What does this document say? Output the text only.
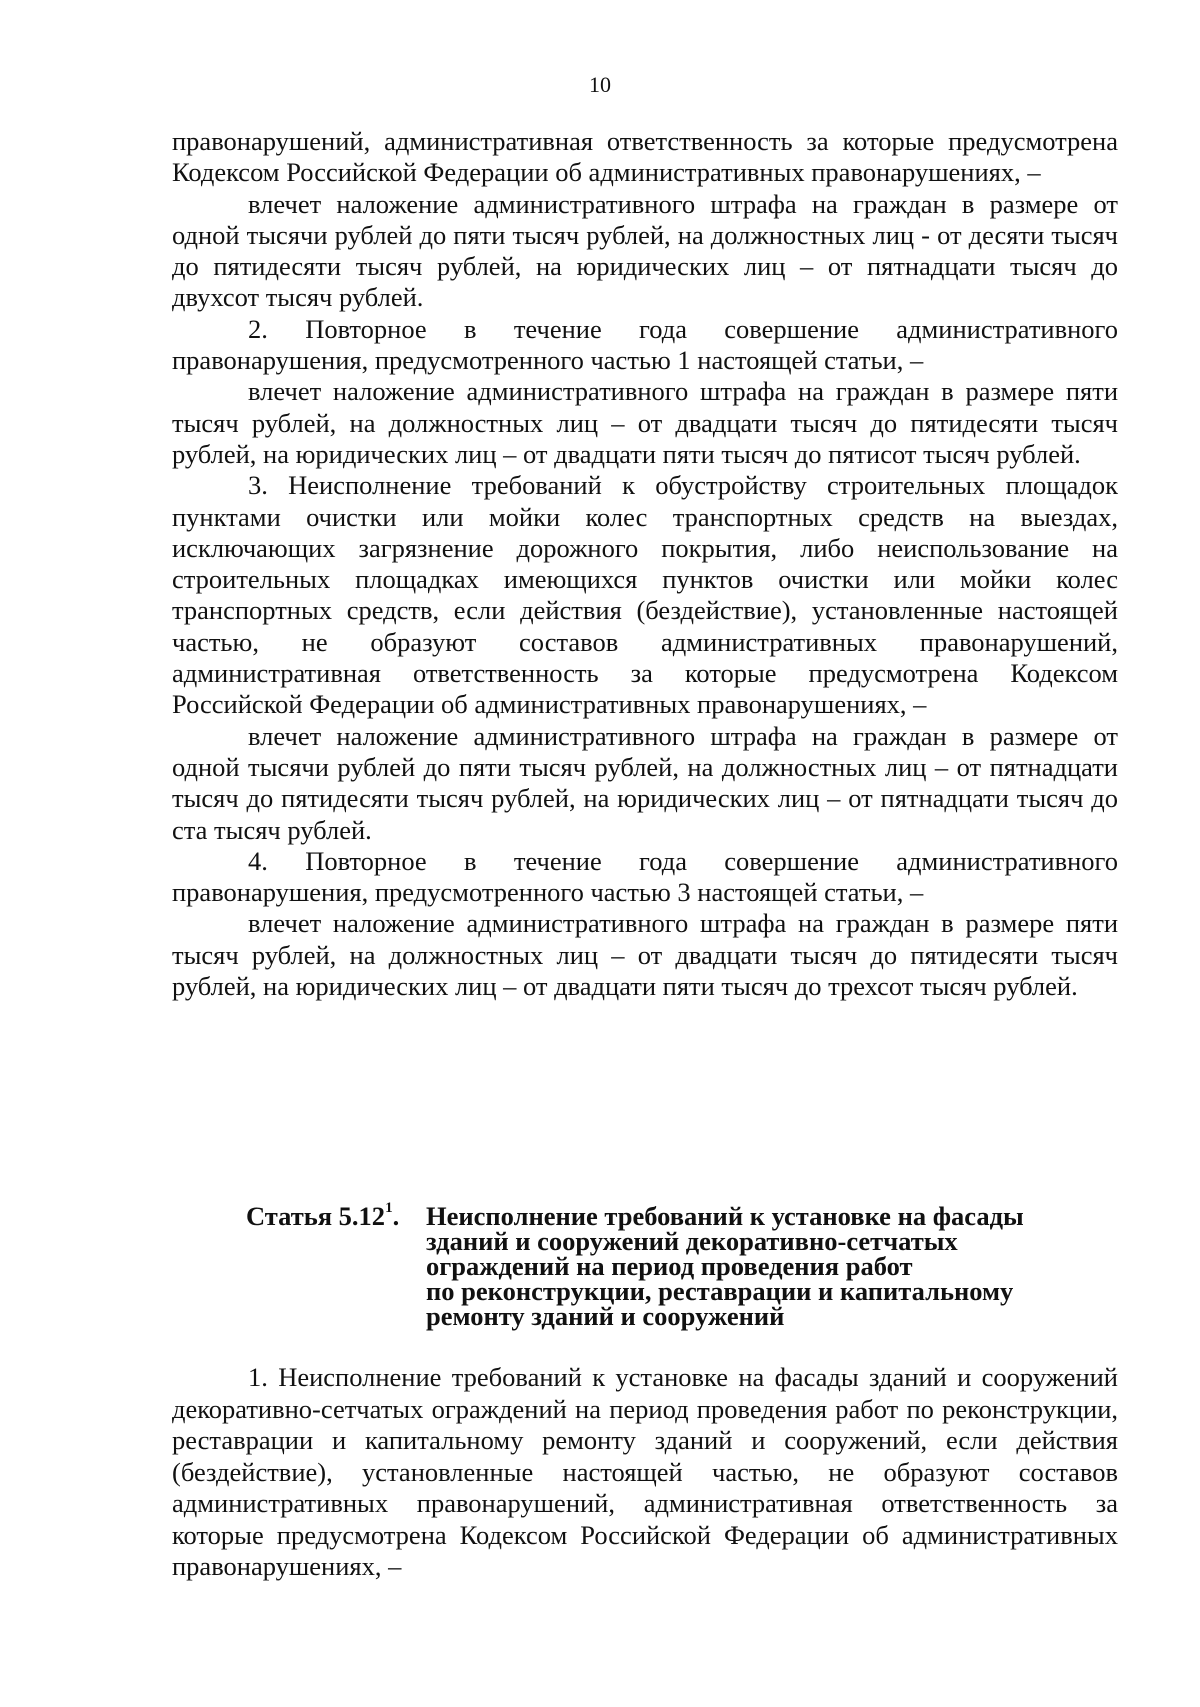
10

правонарушений, административная ответственность за которые предусмотрена Кодексом Российской Федерации об административных правонарушениях, –

влечет наложение административного штрафа на граждан в размере от одной тысячи рублей до пяти тысяч рублей, на должностных лиц - от десяти тысяч до пятидесяти тысяч рублей, на юридических лиц – от пятнадцати тысяч до двухсот тысяч рублей.

2. Повторное в течение года совершение административного правонарушения, предусмотренного частью 1 настоящей статьи, –

влечет наложение административного штрафа на граждан в размере пяти тысяч рублей, на должностных лиц – от двадцати тысяч до пятидесяти тысяч рублей, на юридических лиц – от двадцати пяти тысяч до пятисот тысяч рублей.

3. Неисполнение требований к обустройству строительных площадок пунктами очистки или мойки колес транспортных средств на выездах, исключающих загрязнение дорожного покрытия, либо неиспользование на строительных площадках имеющихся пунктов очистки или мойки колес транспортных средств, если действия (бездействие), установленные настоящей частью, не образуют составов административных правонарушений, административная ответственность за которые предусмотрена Кодексом Российской Федерации об административных правонарушениях, –

влечет наложение административного штрафа на граждан в размере от одной тысячи рублей до пяти тысяч рублей, на должностных лиц – от пятнадцати тысяч до пятидесяти тысяч рублей, на юридических лиц – от пятнадцати тысяч до ста тысяч рублей.

4. Повторное в течение года совершение административного правонарушения, предусмотренного частью 3 настоящей статьи, –

влечет наложение административного штрафа на граждан в размере пяти тысяч рублей, на должностных лиц – от двадцати тысяч до пятидесяти тысяч рублей, на юридических лиц – от двадцати пяти тысяч до трехсот тысяч рублей.

Статья 5.12$^1$. Неисполнение требований к установке на фасады
зданий и сооружений декоративно-сетчатых
ограждений на период проведения работ
по реконструкции, реставрации и капитальному
ремонту зданий и сооружений

1. Неисполнение требований к установке на фасады зданий и сооружений декоративно-сетчатых ограждений на период проведения работ по реконструкции, реставрации и капитальному ремонту зданий и сооружений, если действия (бездействие), установленные настоящей частью, не образуют составов административных правонарушений, административная ответственность за которые предусмотрена Кодексом Российской Федерации об административных правонарушениях, –
